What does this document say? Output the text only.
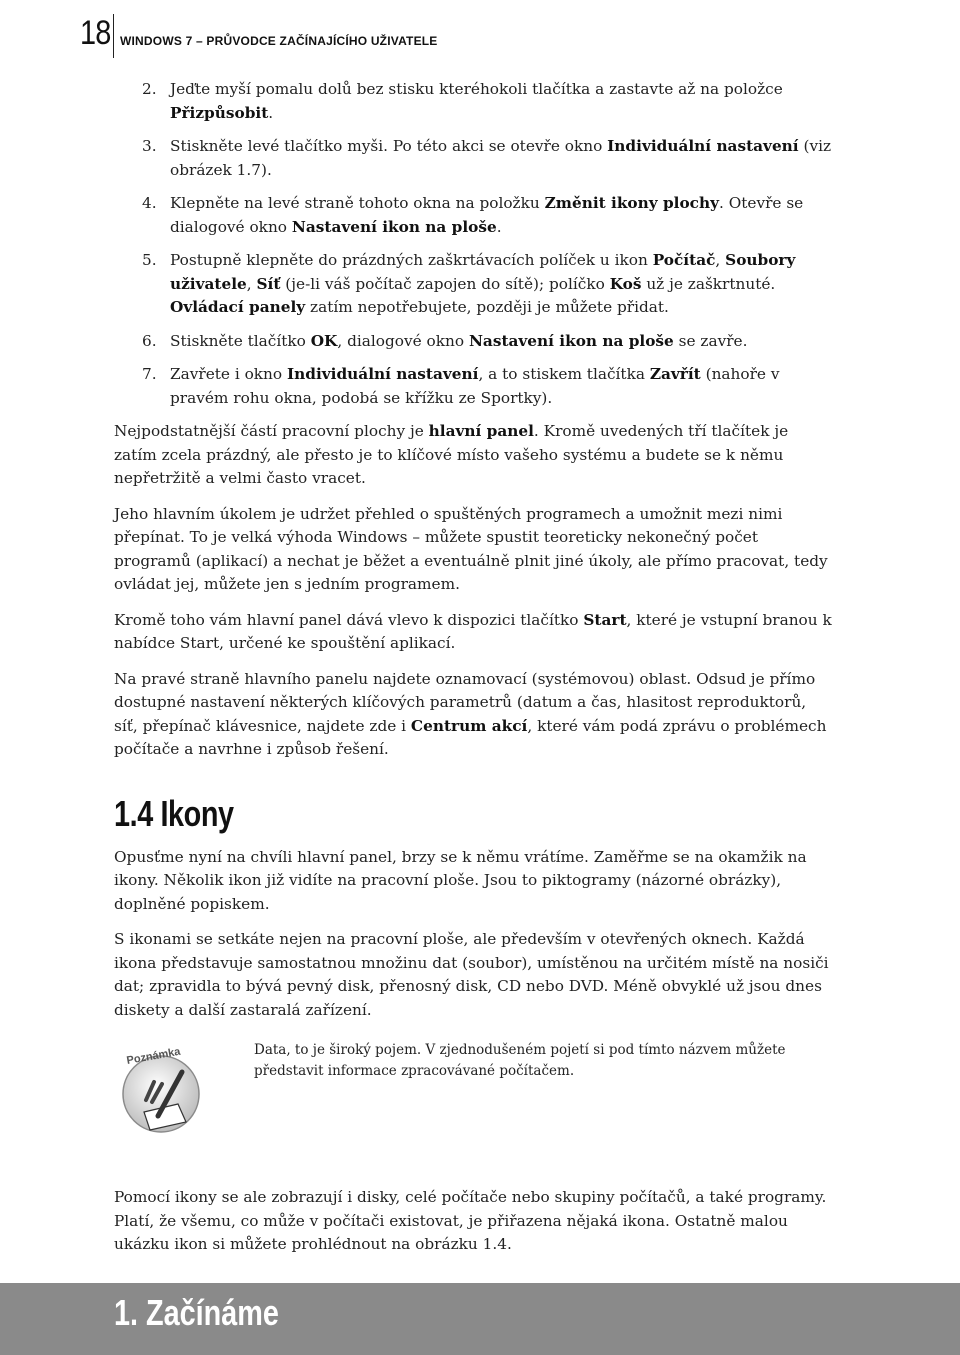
18 WINDOWS 7 – PRŮVODCE ZAČÍNAJÍCÍHO UŽIVATELE
2. Jeďte myší pomalu dolů bez stisku kteréhokoli tlačítka a zastavte až na položce Přizpůsobit.
3. Stiskněte levé tlačítko myši. Po této akci se otevře okno Individuální nastavení (viz obrázek 1.7).
4. Klepněte na levé straně tohoto okna na položku Změnit ikony plochy. Otevře se dialogové okno Nastavení ikon na ploše.
5. Postupně klepněte do prázdných zaškrtávacích políček u ikon Počítač, Soubory uživatele, Síť (je-li váš počítač zapojen do sítě); políčko Koš už je zaškrtnuté. Ovládací panely zatím nepotřebujete, později je můžete přidat.
6. Stiskněte tlačítko OK, dialogové okno Nastavení ikon na ploše se zavře.
7. Zavřete i okno Individuální nastavení, a to stiskem tlačítka Zavřít (nahoře v pravém rohu okna, podobá se křížku ze Sportky).

Nejpodstatnější částí pracovní plochy je hlavní panel. Kromě uvedených tří tlačítek je zatím zcela prázdný, ale přesto je to klíčové místo vašeho systému a budete se k němu nepřetržitě a velmi často vracet.

Jeho hlavním úkolem je udržet přehled o spuštěných programech a umožnit mezi nimi přepínat. To je velká výhoda Windows – můžete spustit teoreticky nekonečný počet programů (aplikací) a nechat je běžet a eventuálně plnit jiné úkoly, ale přímo pracovat, tedy ovládat jej, můžete jen s jedním programem.

Kromě toho vám hlavní panel dává vlevo k dispozici tlačítko Start, které je vstupní branou k nabídce Start, určené ke spouštění aplikací.

Na pravé straně hlavního panelu najdete oznamovací (systémovou) oblast. Odsud je přímo dostupné nastavení některých klíčových parametrů (datum a čas, hlasitost reproduktorů, síť, přepínač klávesnice, najdete zde i Centrum akcí, které vám podá zprávu o problémech počítače a navrhne i způsob řešení.

1.4 Ikony

Opusťme nyní na chvíli hlavní panel, brzy se k němu vrátíme. Zaměřme se na okamžik na ikony. Několik ikon již vidíte na pracovní ploše. Jsou to piktogramy (názorné obrázky), doplněné popiskem.

S ikonami se setkáte nejen na pracovní ploše, ale především v otevřených oknech. Každá ikona představuje samostatnou množinu dat (soubor), umístěnou na určitém místě na nosiči dat; zpravidla to bývá pevný disk, přenosný disk, CD nebo DVD. Méně obvyklé už jsou dnes diskety a další zastaralá zařízení.

Poznámka	Data, to je široký pojem. V zjednodušeném pojetí si pod tímto názvem můžete představit informace zpracovávané počítačem.

Pomocí ikony se ale zobrazují i disky, celé počítače nebo skupiny počítačů, a také programy. Platí, že všemu, co může v počítači existovat, je přiřazena nějaká ikona. Ostatně malou ukázku ikon si můžete prohlédnout na obrázku 1.4.

1. Začínáme
